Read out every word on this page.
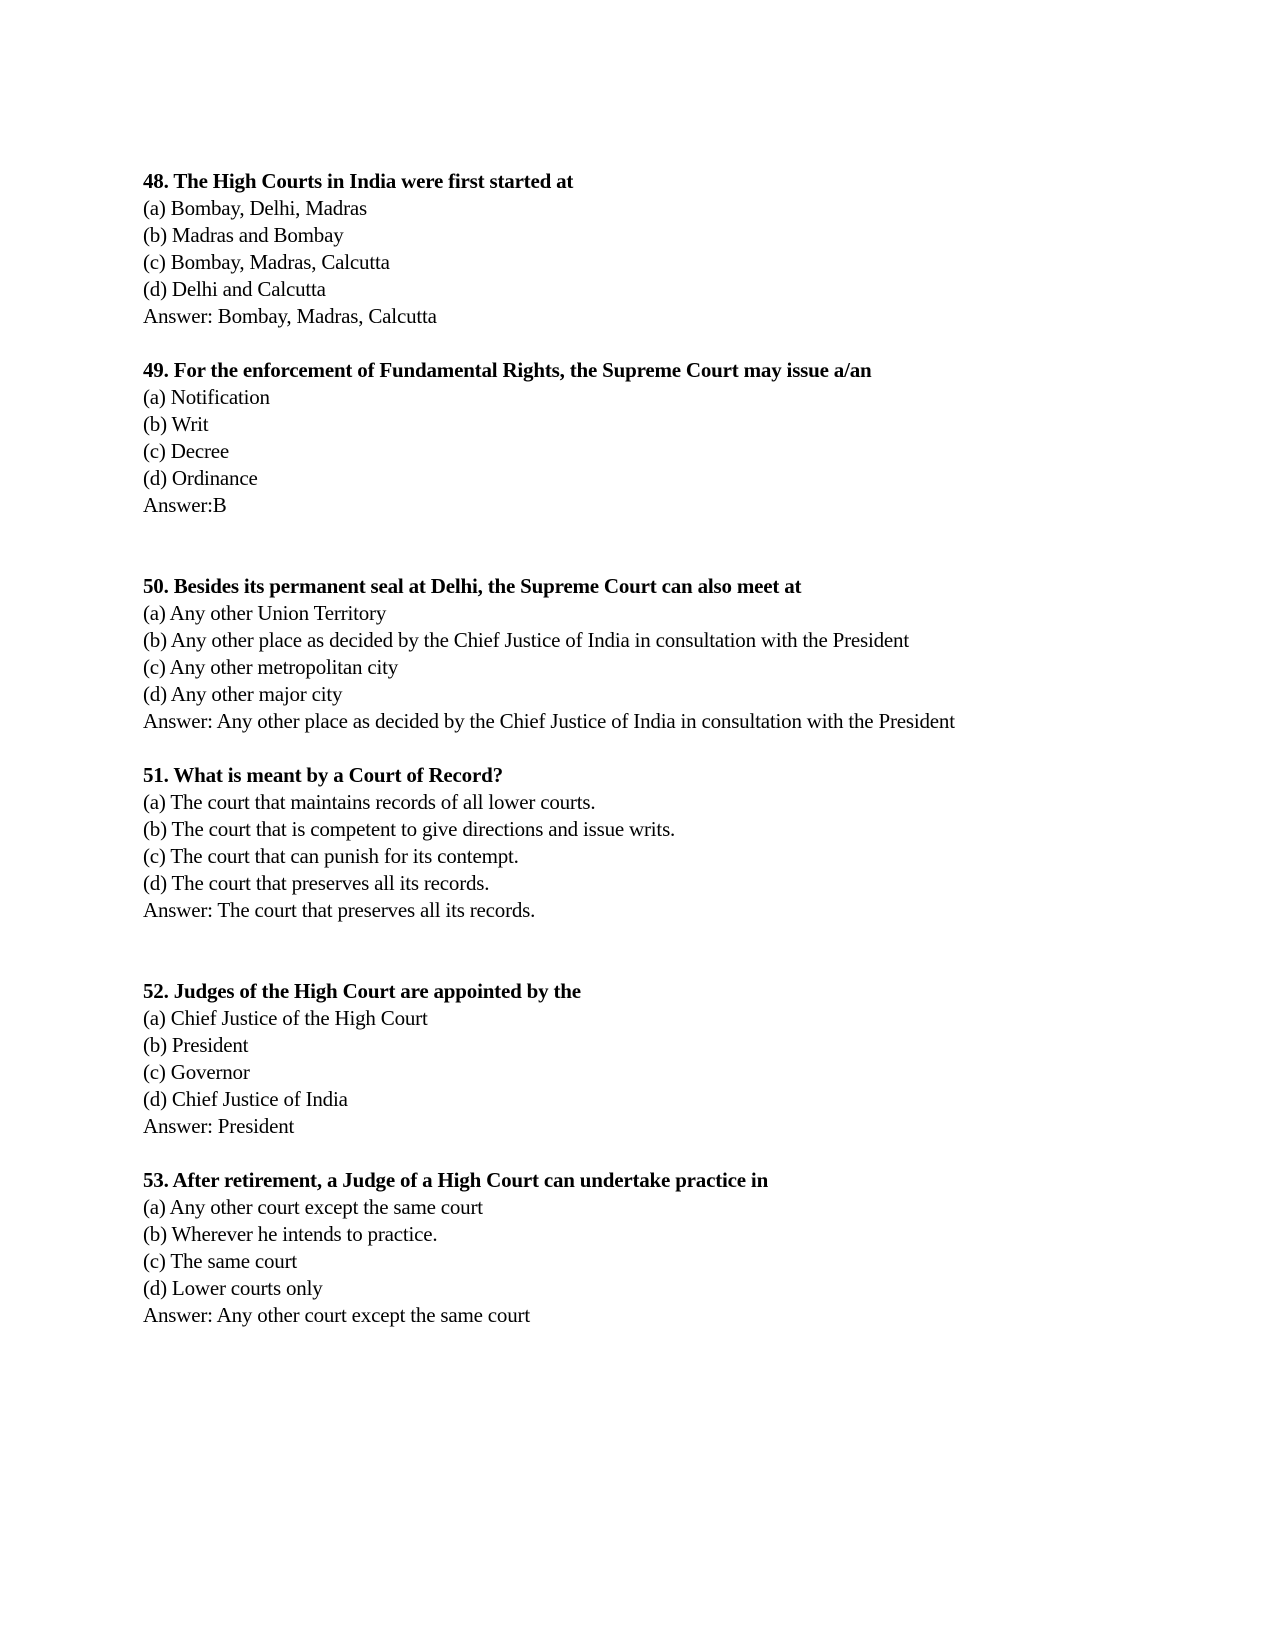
48. The High Courts in India were first started at

(a) Bombay, Delhi, Madras

(b) Madras and Bombay

(c) Bombay, Madras, Calcutta

(d) Delhi and Calcutta

Answer: Bombay, Madras, Calcutta

49. For the enforcement of Fundamental Rights, the Supreme Court may issue a/an

(a) Notification

(b) Writ

(c) Decree

(d) Ordinance

Answer:B

50. Besides its permanent seal at Delhi, the Supreme Court can also meet at

(a) Any other Union Territory

(b) Any other place as decided by the Chief Justice of India in consultation with the President

(c) Any other metropolitan city

(d) Any other major city

Answer: Any other place as decided by the Chief Justice of India in consultation with the President

51. What is meant by a Court of Record?

(a) The court that maintains records of all lower courts.

(b) The court that is competent to give directions and issue writs.

(c) The court that can punish for its contempt.

(d) The court that preserves all its records.

Answer: The court that preserves all its records.

52. Judges of the High Court are appointed by the

(a) Chief Justice of the High Court

(b) President

(c) Governor

(d) Chief Justice of India

Answer: President

53. After retirement, a Judge of a High Court can undertake practice in

(a) Any other court except the same court

(b) Wherever he intends to practice.

(c) The same court

(d) Lower courts only

Answer: Any other court except the same court
